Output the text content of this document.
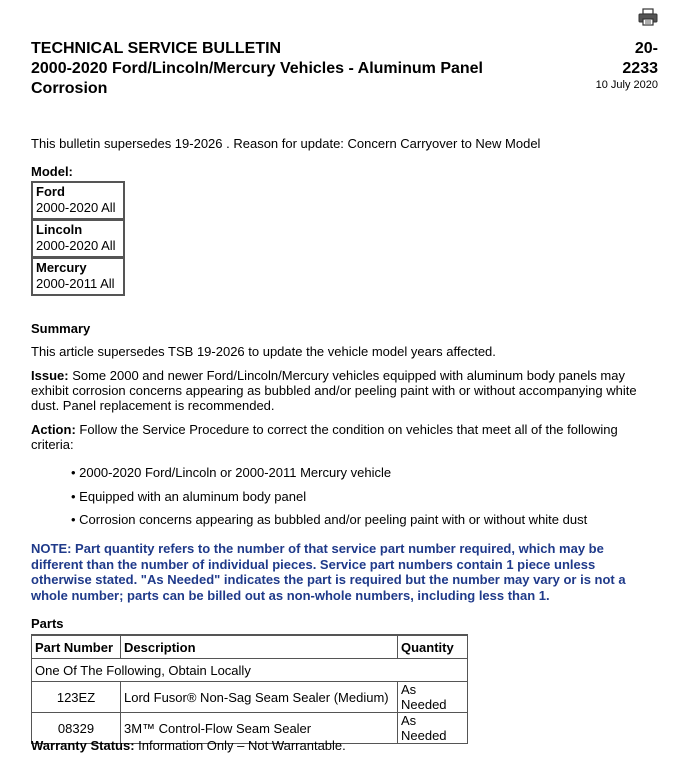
TECHNICAL SERVICE BULLETIN
2000-2020 Ford/Lincoln/Mercury Vehicles - Aluminum Panel
Corrosion
20-
2233
10 July 2020
This bulletin supersedes 19-2026 . Reason for update: Concern Carryover to New Model
Model:
Ford
2000-2020 All

Lincoln
2000-2020 All

Mercury
2000-2011 All
Summary
This article supersedes TSB 19-2026 to update the vehicle model years affected.
Issue: Some 2000 and newer Ford/Lincoln/Mercury vehicles equipped with aluminum body panels may exhibit corrosion concerns appearing as bubbled and/or peeling paint with or without accompanying white dust. Panel replacement is recommended.
Action: Follow the Service Procedure to correct the condition on vehicles that meet all of the following criteria:
• 2000-2020 Ford/Lincoln or 2000-2011 Mercury vehicle
• Equipped with an aluminum body panel
• Corrosion concerns appearing as bubbled and/or peeling paint with or without white dust
NOTE: Part quantity refers to the number of that service part number required, which may be different than the number of individual pieces. Service part numbers contain 1 piece unless otherwise stated. "As Needed" indicates the part is required but the number may vary or is not a whole number; parts can be billed out as non-whole numbers, including less than 1.
Parts
Part Number	Description	Quantity
One Of The Following, Obtain Locally		
123EZ	Lord Fusor® Non-Sag Seam Sealer (Medium)	As Needed
08329	3M™ Control-Flow Seam Sealer	As Needed
Warranty Status: Information Only – Not Warrantable.
